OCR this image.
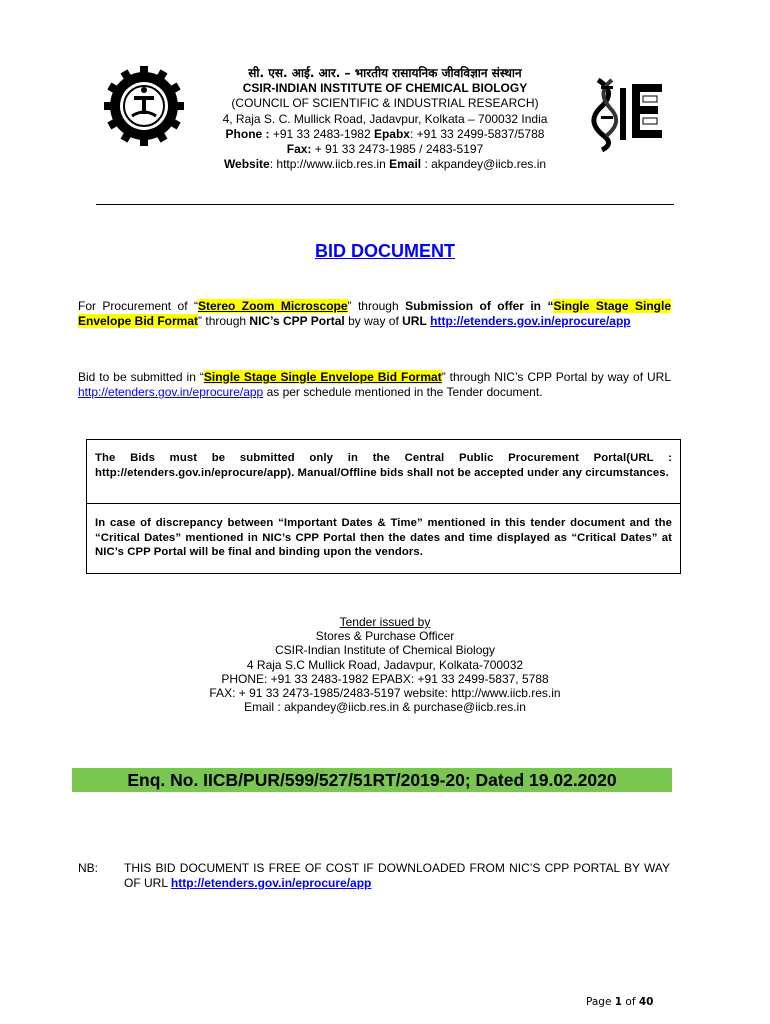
सी. एस. आई. आर. – भारतीय रासायनिक जीवविज्ञान संस्थान
CSIR-INDIAN INSTITUTE OF CHEMICAL BIOLOGY
(COUNCIL OF SCIENTIFIC & INDUSTRIAL RESEARCH)
4, Raja S. C. Mullick Road, Jadavpur, Kolkata – 700032 India
Phone : +91 33 2483-1982 Epabx: +91 33 2499-5837/5788
Fax: + 91 33 2473-1985 / 2483-5197
Website: http://www.iicb.res.in Email : akpandey@iicb.res.in
BID DOCUMENT
For Procurement of “Stereo Zoom Microscope” through Submission of offer in “Single Stage Single Envelope Bid Format” through NIC’s CPP Portal by way of URL http://etenders.gov.in/eprocure/app
Bid to be submitted in “Single Stage Single Envelope Bid Format” through NIC’s CPP Portal by way of URL http://etenders.gov.in/eprocure/app as per schedule mentioned in the Tender document.
The Bids must be submitted only in the Central Public Procurement Portal(URL : http://etenders.gov.in/eprocure/app). Manual/Offline bids shall not be accepted under any circumstances.
In case of discrepancy between “Important Dates & Time” mentioned in this tender document and the “Critical Dates” mentioned in NIC’s CPP Portal then the dates and time displayed as “Critical Dates” at NIC’s CPP Portal will be final and binding upon the vendors.
Tender issued by
Stores & Purchase Officer
CSIR-Indian Institute of Chemical Biology
4 Raja S.C Mullick Road, Jadavpur, Kolkata-700032
PHONE: +91 33 2483-1982 EPABX: +91 33 2499-5837, 5788
FAX: + 91 33 2473-1985/2483-5197 website: http://www.iicb.res.in
Email : akpandey@iicb.res.in & purchase@iicb.res.in
Enq. No. IICB/PUR/599/527/51RT/2019-20; Dated 19.02.2020
NB: THIS BID DOCUMENT IS FREE OF COST IF DOWNLOADED FROM NIC’S CPP PORTAL BY WAY OF URL http://etenders.gov.in/eprocure/app
Page 1 of 40
